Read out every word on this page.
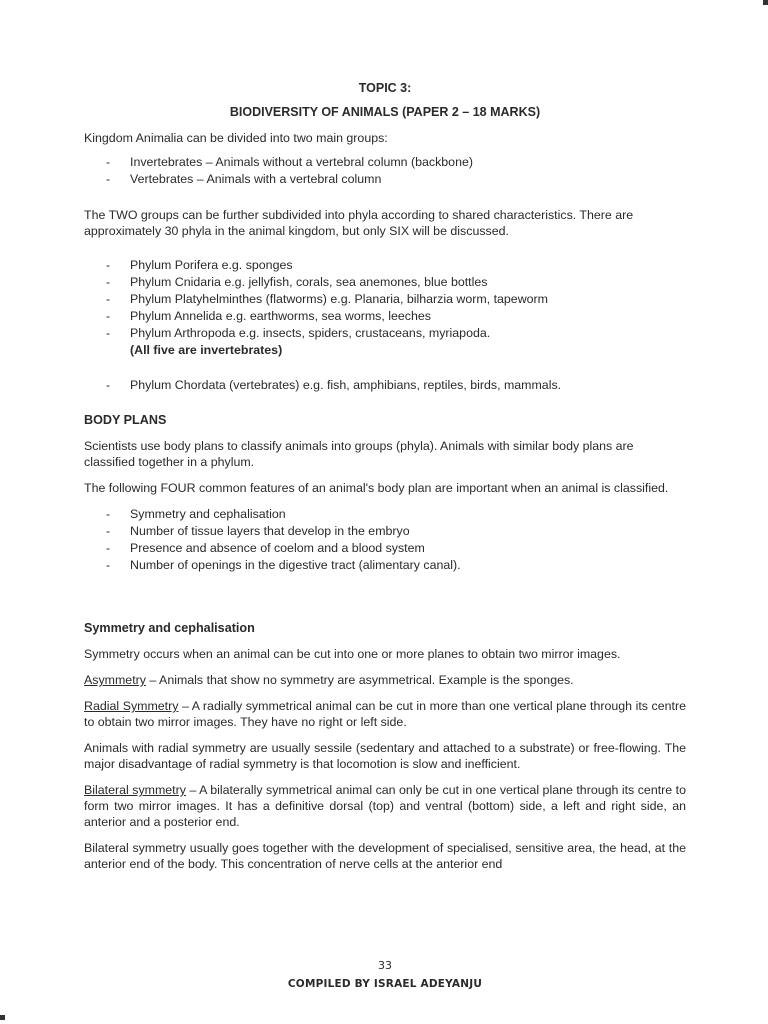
TOPIC 3:
BIODIVERSITY OF ANIMALS (PAPER 2 – 18 MARKS)

Kingdom Animalia can be divided into two main groups:

- Invertebrates – Animals without a vertebral column (backbone)
- Vertebrates – Animals with a vertebral column

The TWO groups can be further subdivided into phyla according to shared characteristics. There are approximately 30 phyla in the animal kingdom, but only SIX will be discussed.

- Phylum Porifera e.g. sponges
- Phylum Cnidaria e.g. jellyfish, corals, sea anemones, blue bottles
- Phylum Platyhelminthes (flatworms) e.g. Planaria, bilharzia worm, tapeworm
- Phylum Annelida e.g. earthworms, sea worms, leeches
- Phylum Arthropoda e.g. insects, spiders, crustaceans, myriapoda.
(All five are invertebrates)
- Phylum Chordata (vertebrates) e.g. fish, amphibians, reptiles, birds, mammals.

BODY PLANS

Scientists use body plans to classify animals into groups (phyla). Animals with similar body plans are classified together in a phylum.

The following FOUR common features of an animal's body plan are important when an animal is classified.

- Symmetry and cephalisation
- Number of tissue layers that develop in the embryo
- Presence and absence of coelom and a blood system
- Number of openings in the digestive tract (alimentary canal).

Symmetry and cephalisation

Symmetry occurs when an animal can be cut into one or more planes to obtain two mirror images.

Asymmetry – Animals that show no symmetry are asymmetrical. Example is the sponges.

Radial Symmetry – A radially symmetrical animal can be cut in more than one vertical plane through its centre to obtain two mirror images. They have no right or left side.

Animals with radial symmetry are usually sessile (sedentary and attached to a substrate) or free-flowing. The major disadvantage of radial symmetry is that locomotion is slow and inefficient.

Bilateral symmetry – A bilaterally symmetrical animal can only be cut in one vertical plane through its centre to form two mirror images. It has a definitive dorsal (top) and ventral (bottom) side, a left and right side, an anterior and a posterior end.

Bilateral symmetry usually goes together with the development of specialised, sensitive area, the head, at the anterior end of the body. This concentration of nerve cells at the anterior end

33
COMPILED BY ISRAEL ADEYANJU
